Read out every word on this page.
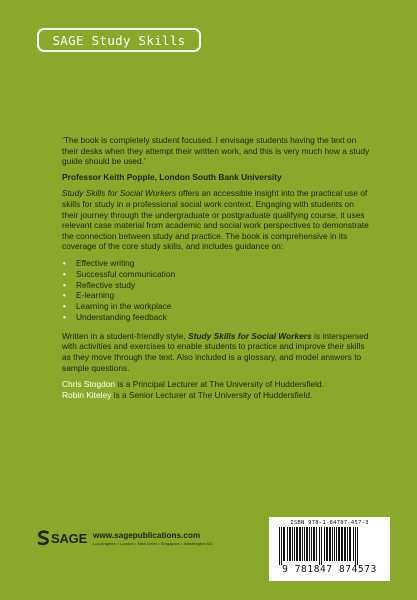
SAGE Study Skills

‘The book is completely student focused. I envisage students having the text on their desks when they attempt their written work, and this is very much how a study guide should be used.’

Professor Keith Popple, London South Bank University

Study Skills for Social Workers offers an accessible insight into the practical use of skills for study in a professional social work context. Engaging with students on their journey through the undergraduate or postgraduate qualifying course, it uses relevant case material from academic and social work perspectives to demonstrate the connection between study and practice. The book is comprehensive in its coverage of the core study skills, and includes guidance on:

• Effective writing
• Successful communication
• Reflective study
• E-learning
• Learning in the workplace
• Understanding feedback

Written in a student-friendly style, Study Skills for Social Workers is interspersed with activities and exercises to enable students to practice and improve their skills as they move through the text. Also included is a glossary, and model answers to sample questions.

Chris Stogdon is a Principal Lecturer at The University of Huddersfield.

Robin Kiteley is a Senior Lecturer at The University of Huddersfield.

SAGE www.sagepublications.com
Los Angeles • London • New Delhi • Singapore • Washington DC
ISBN 978-1-84787-457-3
9 781847 874573
